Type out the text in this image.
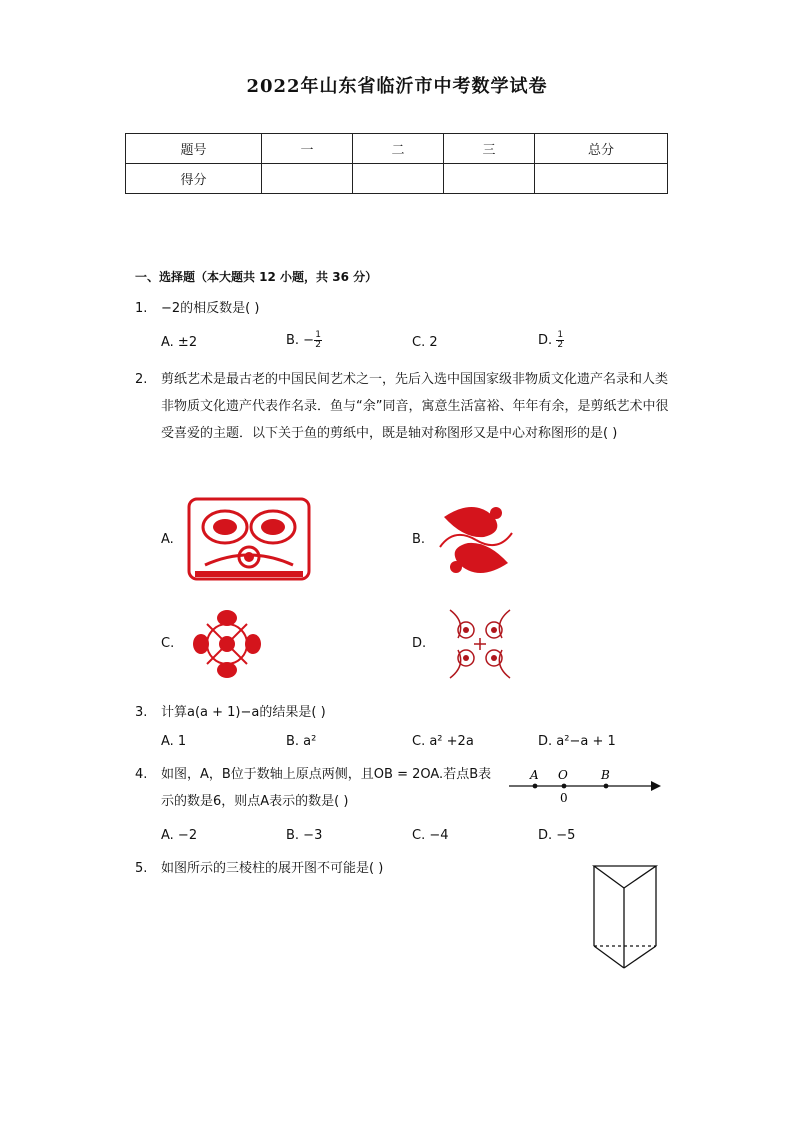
2022年山东省临沂市中考数学试卷
题号	一	二	三	总分
得分				
一、选择题（本大题共 12 小题，共 36 分）
1. −2的相反数是( )
A. ±2	B. − $\frac{1}{2}$	C. 2	D. $\frac{1}{2}$
2. 剪纸艺术是最古老的中国民间艺术之一，先后入选中国国家级非物质文化遗产名录和人类非物质文化遗产代表作名录．鱼与“余”同音，寓意生活富裕、年年有余，是剪纸艺术中很受喜爱的主题．以下关于鱼的剪纸中，既是轴对称图形又是中心对称图形的是( )
A.	B.
C.	D.
3. 计算a(a + 1)−a的结果是( )
A. 1	B. a²	C. a² +2a	D. a²−a + 1
4. 如图，A，B位于数轴上原点两侧，且OB = 2OA.若点B表示的数是6，则点A表示的数是( )
A O	B
0
A. −2	B. −3	C. −4	D. −5
5. 如图所示的三棱柱的展开图不可能是( )
